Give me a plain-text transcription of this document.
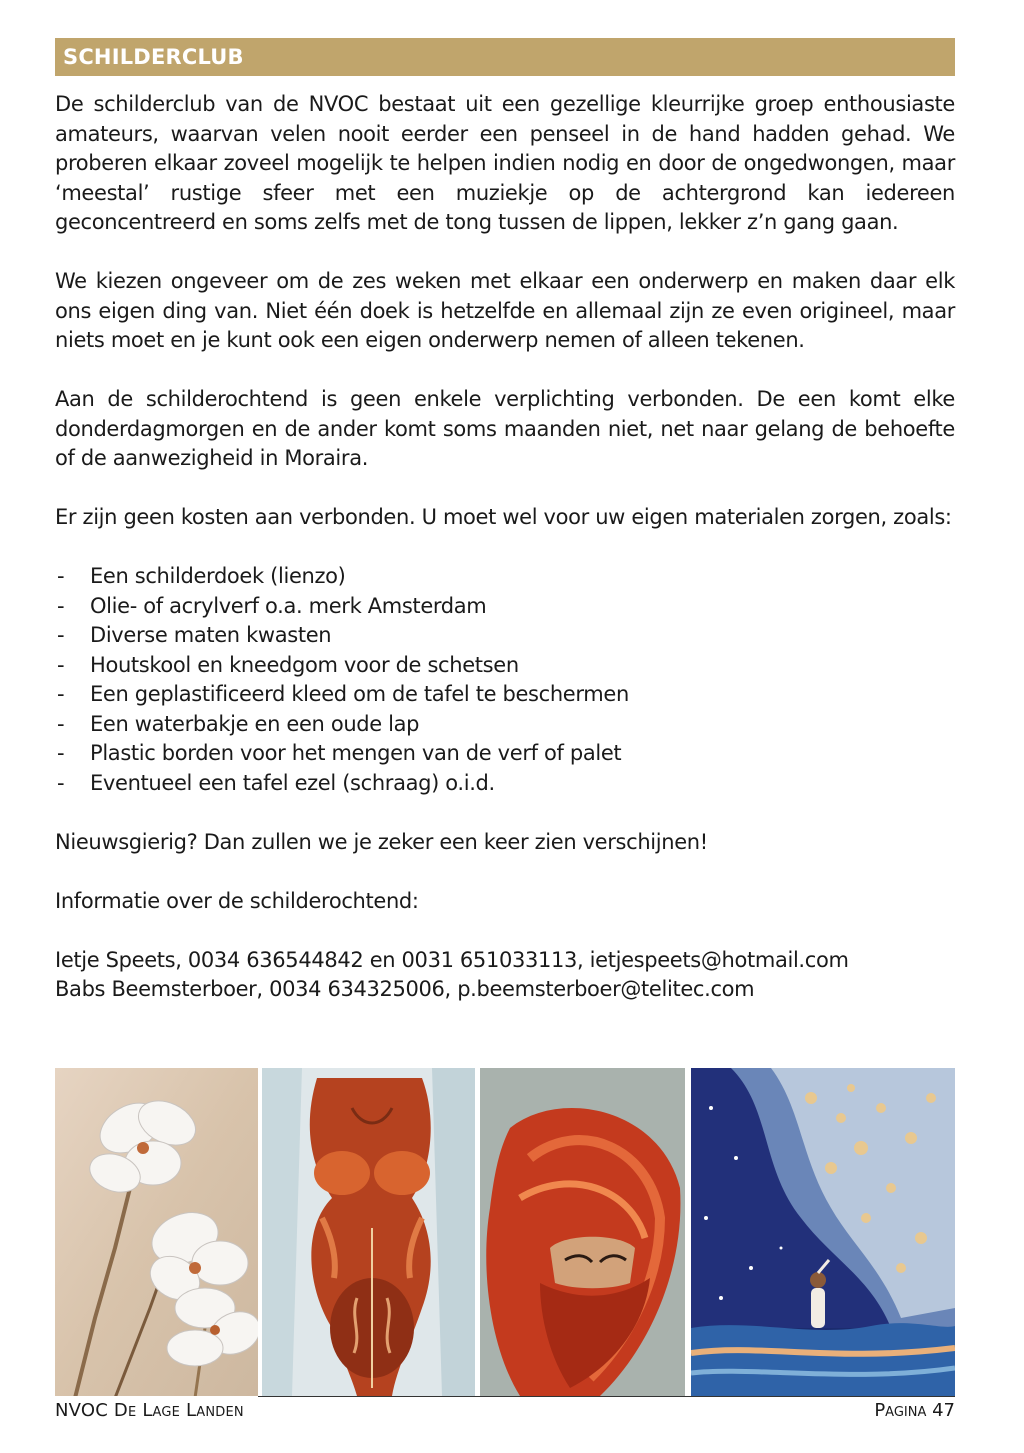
SCHILDERCLUB

De schilderclub van de NVOC bestaat uit een gezellige kleurrijke groep enthousiaste amateurs, waarvan velen nooit eerder een penseel in de hand hadden gehad. We proberen elkaar zoveel mogelijk te helpen indien nodig en door de ongedwongen, maar ‘meestal’ rustige sfeer met een muziekje op de achtergrond kan iedereen geconcentreerd en soms zelfs met de tong tussen de lippen, lekker z’n gang gaan.

We kiezen ongeveer om de zes weken met elkaar een onderwerp en maken daar elk ons eigen ding van. Niet één doek is hetzelfde en allemaal zijn ze even origineel, maar niets moet en je kunt ook een eigen onderwerp nemen of alleen tekenen.

Aan de schilderochtend is geen enkele verplichting verbonden. De een komt elke donderdagmorgen en de ander komt soms maanden niet, net naar gelang de behoefte of de aanwezigheid in Moraira.

Er zijn geen kosten aan verbonden. U moet wel voor uw eigen materialen zorgen, zoals:

- Een schilderdoek (lienzo)
- Olie- of acrylverf o.a. merk Amsterdam
- Diverse maten kwasten
- Houtskool en kneedgom voor de schetsen
- Een geplastificeerd kleed om de tafel te beschermen
- Een waterbakje en een oude lap
- Plastic borden voor het mengen van de verf of palet
- Eventueel een tafel ezel (schraag) o.i.d.

Nieuwsgierig? Dan zullen we je zeker een keer zien verschijnen!

Informatie over de schilderochtend:

Ietje Speets, 0034 636544842 en 0031 651033113, ietjespeets@hotmail.com

Babs Beemsterboer, 0034 634325006, p.beemsterboer@telitec.com

NVOC De Lage Landen	Pagina 47
